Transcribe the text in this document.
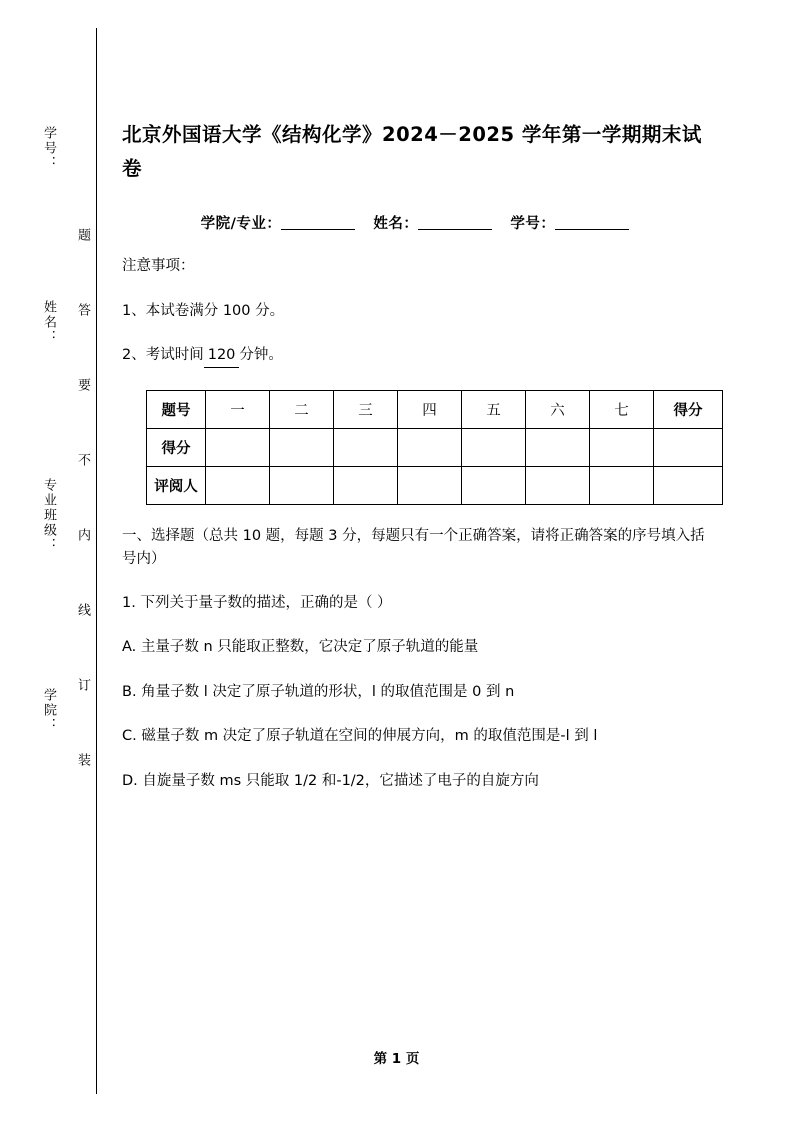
学号：
姓名：
专业班级：
学院：
题
答
要
不
内
线
订
装
北京外国语大学《结构化学》2024－2025 学年第一学期期末试卷
学院/专业：	姓名：	学号：

注意事项：

1、本试卷满分 100 分。

2、考试时间 120 分钟。

题号	一	二	三	四	五	六	七	得分
得分								
评阅人								

一、选择题（总共 10 题，每题 3 分，每题只有一个正确答案，请将正确答案的序号填入括号内）

1. 下列关于量子数的描述，正确的是（ ）

A. 主量子数 n 只能取正整数，它决定了原子轨道的能量

B. 角量子数 l 决定了原子轨道的形状，l 的取值范围是 0 到 n

C. 磁量子数 m 决定了原子轨道在空间的伸展方向，m 的取值范围是-l 到 l

D. 自旋量子数 ms 只能取 1/2 和-1/2，它描述了电子的自旋方向

第 1 页
